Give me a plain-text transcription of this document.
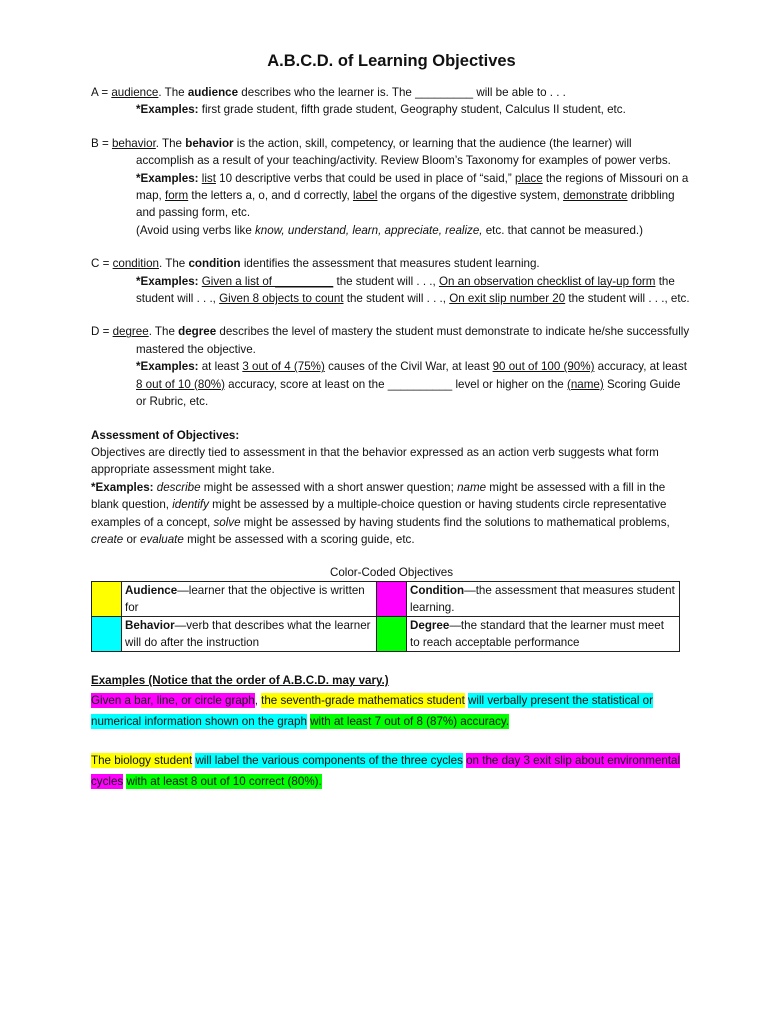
A.B.C.D. of Learning Objectives
A = audience. The audience describes who the learner is. The _________ will be able to . . .
*Examples: first grade student, fifth grade student, Geography student, Calculus II student, etc.
B = behavior. The behavior is the action, skill, competency, or learning that the audience (the learner) will accomplish as a result of your teaching/activity. Review Bloom’s Taxonomy for examples of power verbs.
*Examples: list 10 descriptive verbs that could be used in place of “said,” place the regions of Missouri on a map, form the letters a, o, and d correctly, label the organs of the digestive system, demonstrate dribbling and passing form, etc.
(Avoid using verbs like know, understand, learn, appreciate, realize, etc. that cannot be measured.)
C = condition. The condition identifies the assessment that measures student learning.
*Examples: Given a list of _________ the student will . . ., On an observation checklist of lay-up form the student will . . ., Given 8 objects to count the student will . . ., On exit slip number 20 the student will . . ., etc.
D = degree. The degree describes the level of mastery the student must demonstrate to indicate he/she successfully mastered the objective.
*Examples: at least 3 out of 4 (75%) causes of the Civil War, at least 90 out of 100 (90%) accuracy, at least 8 out of 10 (80%) accuracy, score at least on the __________ level or higher on the (name) Scoring Guide or Rubric, etc.
Assessment of Objectives:
Objectives are directly tied to assessment in that the behavior expressed as an action verb suggests what form appropriate assessment might take.
*Examples: describe might be assessed with a short answer question; name might be assessed with a fill in the blank question, identify might be assessed by a multiple-choice question or having students circle representative examples of a concept, solve might be assessed by having students find the solutions to mathematical problems, create or evaluate might be assessed with a scoring guide, etc.
Color-Coded Objectives
	Audience—learner that the objective is written for		Condition—the assessment that measures student learning.
	Behavior—verb that describes what the learner will do after the instruction		Degree—the standard that the learner must meet to reach acceptable performance
Examples (Notice that the order of A.B.C.D. may vary.)
Given a bar, line, or circle graph, the seventh-grade mathematics student will verbally present the statistical or numerical information shown on the graph with at least 7 out of 8 (87%) accuracy.
The biology student will label the various components of the three cycles on the day 3 exit slip about environmental cycles with at least 8 out of 10 correct (80%).
